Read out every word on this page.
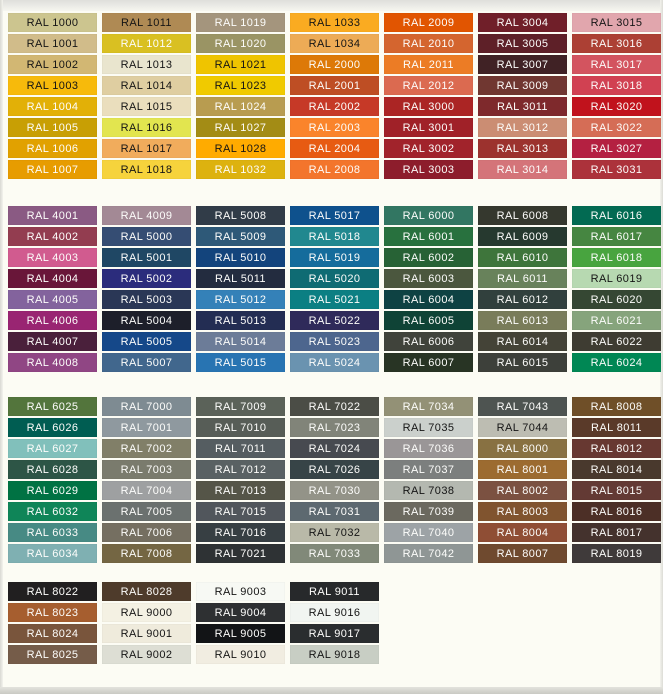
RAL 1000
RAL 1001
RAL 1002
RAL 1003
RAL 1004
RAL 1005
RAL 1006
RAL 1007
RAL 1011
RAL 1012
RAL 1013
RAL 1014
RAL 1015
RAL 1016
RAL 1017
RAL 1018
RAL 1019
RAL 1020
RAL 1021
RAL 1023
RAL 1024
RAL 1027
RAL 1028
RAL 1032
RAL 1033
RAL 1034
RAL 2000
RAL 2001
RAL 2002
RAL 2003
RAL 2004
RAL 2008
RAL 2009
RAL 2010
RAL 2011
RAL 2012
RAL 3000
RAL 3001
RAL 3002
RAL 3003
RAL 3004
RAL 3005
RAL 3007
RAL 3009
RAL 3011
RAL 3012
RAL 3013
RAL 3014
RAL 3015
RAL 3016
RAL 3017
RAL 3018
RAL 3020
RAL 3022
RAL 3027
RAL 3031
RAL 4001
RAL 4002
RAL 4003
RAL 4004
RAL 4005
RAL 4006
RAL 4007
RAL 4008
RAL 4009
RAL 5000
RAL 5001
RAL 5002
RAL 5003
RAL 5004
RAL 5005
RAL 5007
RAL 5008
RAL 5009
RAL 5010
RAL 5011
RAL 5012
RAL 5013
RAL 5014
RAL 5015
RAL 5017
RAL 5018
RAL 5019
RAL 5020
RAL 5021
RAL 5022
RAL 5023
RAL 5024
RAL 6000
RAL 6001
RAL 6002
RAL 6003
RAL 6004
RAL 6005
RAL 6006
RAL 6007
RAL 6008
RAL 6009
RAL 6010
RAL 6011
RAL 6012
RAL 6013
RAL 6014
RAL 6015
RAL 6016
RAL 6017
RAL 6018
RAL 6019
RAL 6020
RAL 6021
RAL 6022
RAL 6024
RAL 6025
RAL 6026
RAL 6027
RAL 6028
RAL 6029
RAL 6032
RAL 6033
RAL 6034
RAL 7000
RAL 7001
RAL 7002
RAL 7003
RAL 7004
RAL 7005
RAL 7006
RAL 7008
RAL 7009
RAL 7010
RAL 7011
RAL 7012
RAL 7013
RAL 7015
RAL 7016
RAL 7021
RAL 7022
RAL 7023
RAL 7024
RAL 7026
RAL 7030
RAL 7031
RAL 7032
RAL 7033
RAL 7034
RAL 7035
RAL 7036
RAL 7037
RAL 7038
RAL 7039
RAL 7040
RAL 7042
RAL 7043
RAL 7044
RAL 8000
RAL 8001
RAL 8002
RAL 8003
RAL 8004
RAL 8007
RAL 8008
RAL 8011
RAL 8012
RAL 8014
RAL 8015
RAL 8016
RAL 8017
RAL 8019
RAL 8022
RAL 8023
RAL 8024
RAL 8025
RAL 8028
RAL 9000
RAL 9001
RAL 9002
RAL 9003
RAL 9004
RAL 9005
RAL 9010
RAL 9011
RAL 9016
RAL 9017
RAL 9018
